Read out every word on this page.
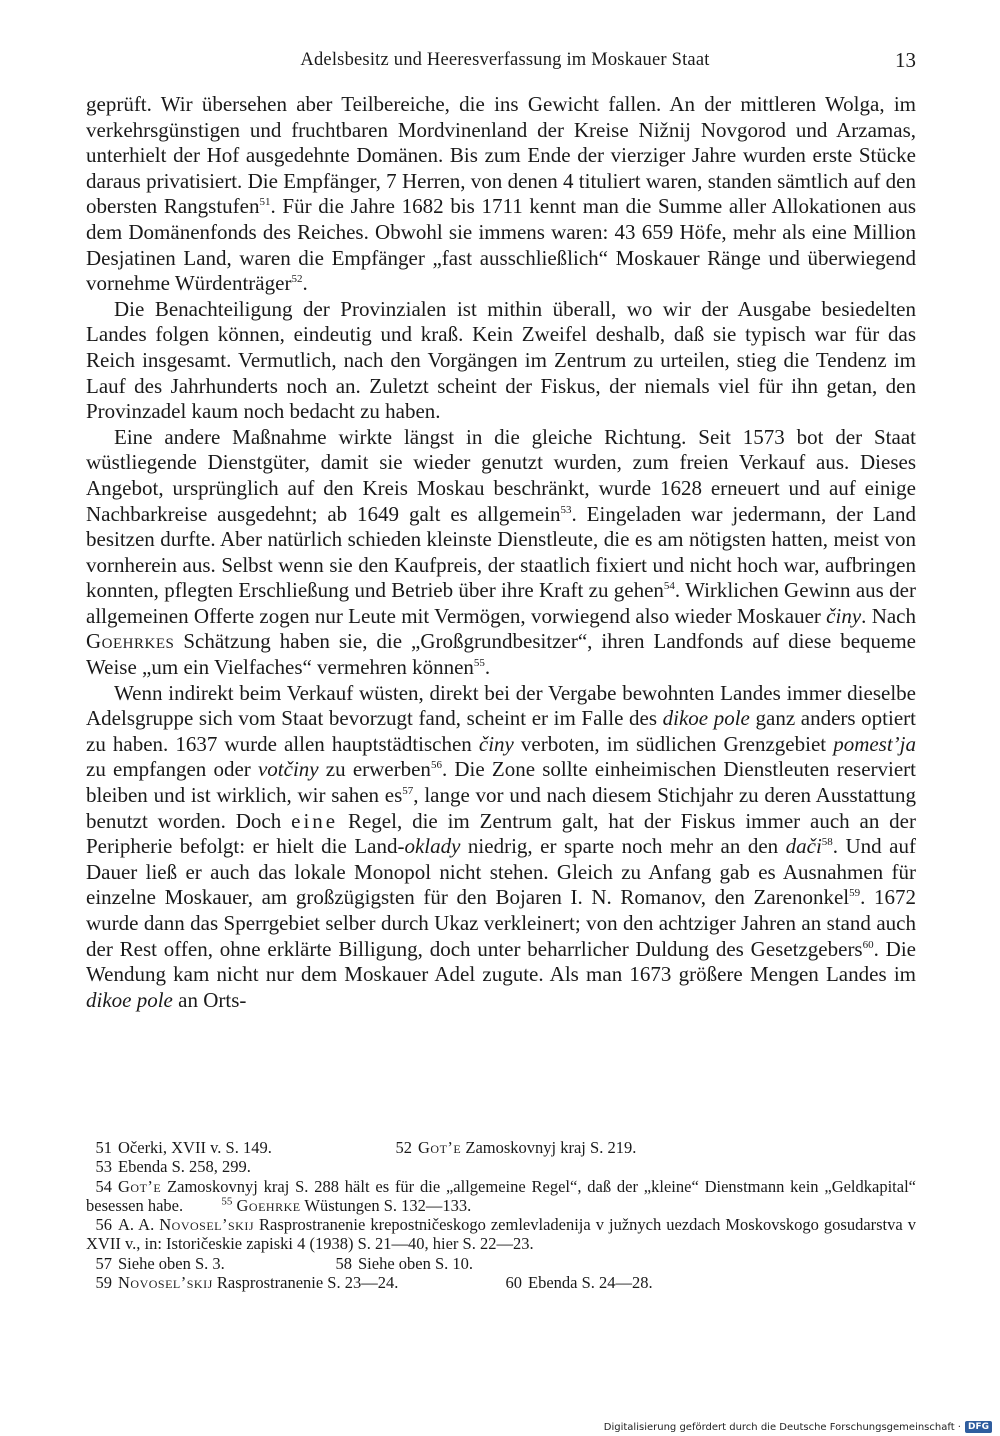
Adelsbesitz und Heeresverfassung im Moskauer Staat	13

geprüft. Wir übersehen aber Teilbereiche, die ins Gewicht fallen. An der mittleren Wolga, im verkehrsgünstigen und fruchtbaren Mordvinenland der Kreise Nižnij Novgorod und Arzamas, unterhielt der Hof ausgedehnte Domänen. Bis zum Ende der vierziger Jahre wurden erste Stücke daraus privatisiert. Die Empfänger, 7 Herren, von denen 4 tituliert waren, standen sämtlich auf den obersten Rangstufen$^{51}$. Für die Jahre 1682 bis 1711 kennt man die Summe aller Allokationen aus dem Domänenfonds des Reiches. Obwohl sie immens waren: 43 659 Höfe, mehr als eine Million Desjatinen Land, waren die Empfänger „fast ausschließlich“ Moskauer Ränge und überwiegend vornehme Würdenträger$^{52}$.

Die Benachteiligung der Provinzialen ist mithin überall, wo wir der Ausgabe besiedelten Landes folgen können, eindeutig und kraß. Kein Zweifel deshalb, daß sie typisch war für das Reich insgesamt. Vermutlich, nach den Vorgängen im Zentrum zu urteilen, stieg die Tendenz im Lauf des Jahrhunderts noch an. Zuletzt scheint der Fiskus, der niemals viel für ihn getan, den Provinzadel kaum noch bedacht zu haben.

Eine andere Maßnahme wirkte längst in die gleiche Richtung. Seit 1573 bot der Staat wüstliegende Dienstgüter, damit sie wieder genutzt wurden, zum freien Verkauf aus. Dieses Angebot, ursprünglich auf den Kreis Moskau beschränkt, wurde 1628 erneuert und auf einige Nachbarkreise ausgedehnt; ab 1649 galt es allgemein$^{53}$. Eingeladen war jedermann, der Land besitzen durfte. Aber natürlich schieden kleinste Dienstleute, die es am nötigsten hatten, meist von vornherein aus. Selbst wenn sie den Kaufpreis, der staatlich fixiert und nicht hoch war, aufbringen konnten, pflegten Erschließung und Betrieb über ihre Kraft zu gehen$^{54}$. Wirklichen Gewinn aus der allgemeinen Offerte zogen nur Leute mit Vermögen, vorwiegend also wieder Moskauer činy. Nach Goehrkes Schätzung haben sie, die „Großgrundbesitzer“, ihren Landfonds auf diese bequeme Weise „um ein Vielfaches“ vermehren können$^{55}$.

Wenn indirekt beim Verkauf wüsten, direkt bei der Vergabe bewohnten Landes immer dieselbe Adelsgruppe sich vom Staat bevorzugt fand, scheint er im Falle des dikoe pole ganz anders optiert zu haben. 1637 wurde allen hauptstädtischen činy verboten, im südlichen Grenzgebiet pomest’ja zu empfangen oder votčiny zu erwerben$^{56}$. Die Zone sollte einheimischen Dienstleuten reserviert bleiben und ist wirklich, wir sahen $es^{57}$, lange vor und nach diesem Stichjahr zu deren Ausstattung benutzt worden. Doch eine Regel, die im Zentrum galt, hat der Fiskus immer auch an der Peripherie befolgt: er hielt die Land-oklady niedrig, er sparte noch mehr an den dači$^{58}$. Und auf Dauer ließ er auch das lokale Monopol nicht stehen. Gleich zu Anfang gab es Ausnahmen für einzelne Moskauer, am großzügigsten für den Bojaren I. N. Romanov, den Zarenonkel$^{59}$. 1672 wurde dann das Sperrgebiet selber durch Ukaz verkleinert; von den achtziger Jahren an stand auch der Rest offen, ohne erklärte Billigung, doch unter beharrlicher Duldung des Gesetzgebers$^{60}$. Die Wendung kam nicht nur dem Moskauer Adel zugute. Als man 1673 größere Mengen Landes im dikoe pole an Orts-

51 Očerki, XVII v. S. 149.	52 Got’e Zamoskovnyj kraj S. 219.
53 Ebenda S. 258, 299.
54 Got’e Zamoskovnyj kraj S. 288 hält es für die „allgemeine Regel“, daß der „kleine“ Dienstmann kein „Geldkapital“ besessen habe.	$^{55}$ Goehrke Wüstungen S. 132—133.
56 A. A. Novosel’skij Rasprostranenie krepostničeskogo zemlevladenija v južnych uezdach Moskovskogo gosudarstva v XVII v., in: Istoričeskie zapiski 4 (1938) S. 21—40, hier S. 22—23.
57 Siehe oben S. 3.	58 Siehe oben S. 10.
59 Novosel’skij Rasprostranenie S. 23—24.	60 Ebenda S. 24—28.
Digitalisierung gefördert durch die Deutsche Forschungsgemeinschaft · DFG
